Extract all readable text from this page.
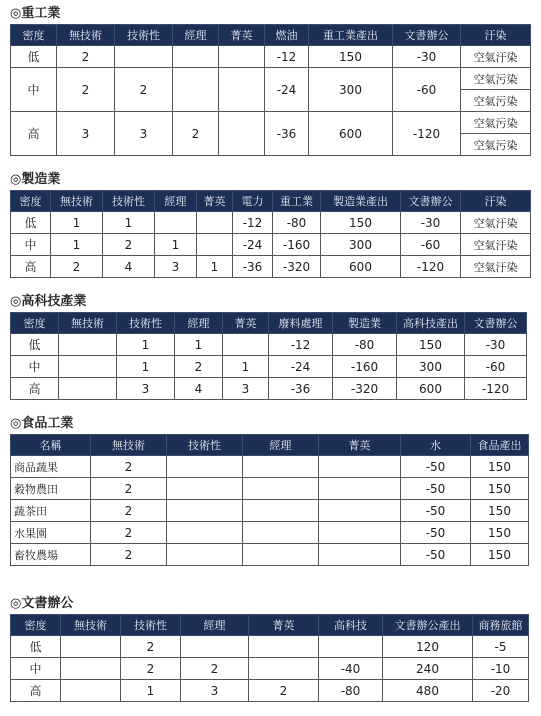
◎重工業
密度	無技術	技術性	經理	菁英	燃油	重工業產出	文書辦公	汙染
低	2				-12	150	-30	空氣汙染
中	2	2			-24	300	-60	空氣污染
								空氣污染
高	3	3	2		-36	600	-120	空氣污染
								空氣污染
◎製造業
密度	無技術	技術性	經理	菁英	電力	重工業	製造業產出	文書辦公	汙染
低	1	1			-12	-80	150	-30	空氣汙染
中	1	2	1		-24	-160	300	-60	空氣汙染
高	2	4	3	1	-36	-320	600	-120	空氣汙染
◎高科技產業
密度	無技術	技術性	經理	菁英	廢料處理	製造業	高科技產出	文書辦公
低		1	1		-12	-80	150	-30
中		1	2	1	-24	-160	300	-60
高		3	4	3	-36	-320	600	-120
◎食品工業
名稱	無技術	技術性	經理	菁英	水	食品產出
商品蔬果	2				-50	150
穀物農田	2				-50	150
蔬茶田	2				-50	150
水果園	2				-50	150
畜牧農場	2				-50	150
◎文書辦公
密度	無技術	技術性	經理	菁英	高科技	文書辦公產出	商務旅館
低		2				120	-5
中		2	2		-40	240	-10
高		1	3	2	-80	480	-20
